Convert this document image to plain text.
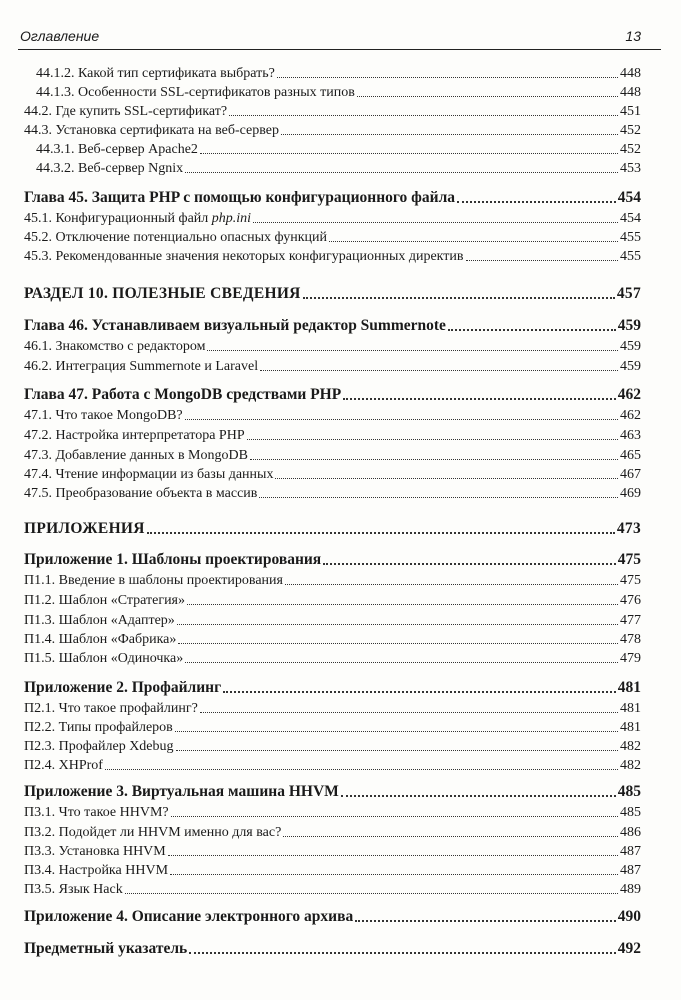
Оглавление	13
44.1.2. Какой тип сертификата выбрать?	448
44.1.3. Особенности SSL-сертификатов разных типов	448
44.2. Где купить SSL-сертификат?	451
44.3. Установка сертификата на веб-сервер	452
44.3.1. Веб-сервер Apache2	452
44.3.2. Веб-сервер Ngnix	453
Глава 45. Защита PHP с помощью конфигурационного файла	454
45.1. Конфигурационный файл php.ini	454
45.2. Отключение потенциально опасных функций	455
45.3. Рекомендованные значения некоторых конфигурационных директив	455
РАЗДЕЛ 10. ПОЛЕЗНЫЕ СВЕДЕНИЯ	457
Глава 46. Устанавливаем визуальный редактор Summernote	459
46.1. Знакомство с редактором	459
46.2. Интеграция Summernote и Laravel	459
Глава 47. Работа с MongoDB средствами PHP	462
47.1. Что такое MongoDB?	462
47.2. Настройка интерпретатора PHP	463
47.3. Добавление данных в MongoDB	465
47.4. Чтение информации из базы данных	467
47.5. Преобразование объекта в массив	469
ПРИЛОЖЕНИЯ	473
Приложение 1. Шаблоны проектирования	475
П1.1. Введение в шаблоны проектирования	475
П1.2. Шаблон «Стратегия»	476
П1.3. Шаблон «Адаптер»	477
П1.4. Шаблон «Фабрика»	478
П1.5. Шаблон «Одиночка»	479
Приложение 2. Профайлинг	481
П2.1. Что такое профайлинг?	481
П2.2. Типы профайлеров	481
П2.3. Профайлер Xdebug	482
П2.4. XHProf	482
Приложение 3. Виртуальная машина HHVM	485
П3.1. Что такое HHVM?	485
П3.2. Подойдет ли HHVM именно для вас?	486
П3.3. Установка HHVM	487
П3.4. Настройка HHVM	487
П3.5. Язык Hack	489
Приложение 4. Описание электронного архива	490
Предметный указатель	492
